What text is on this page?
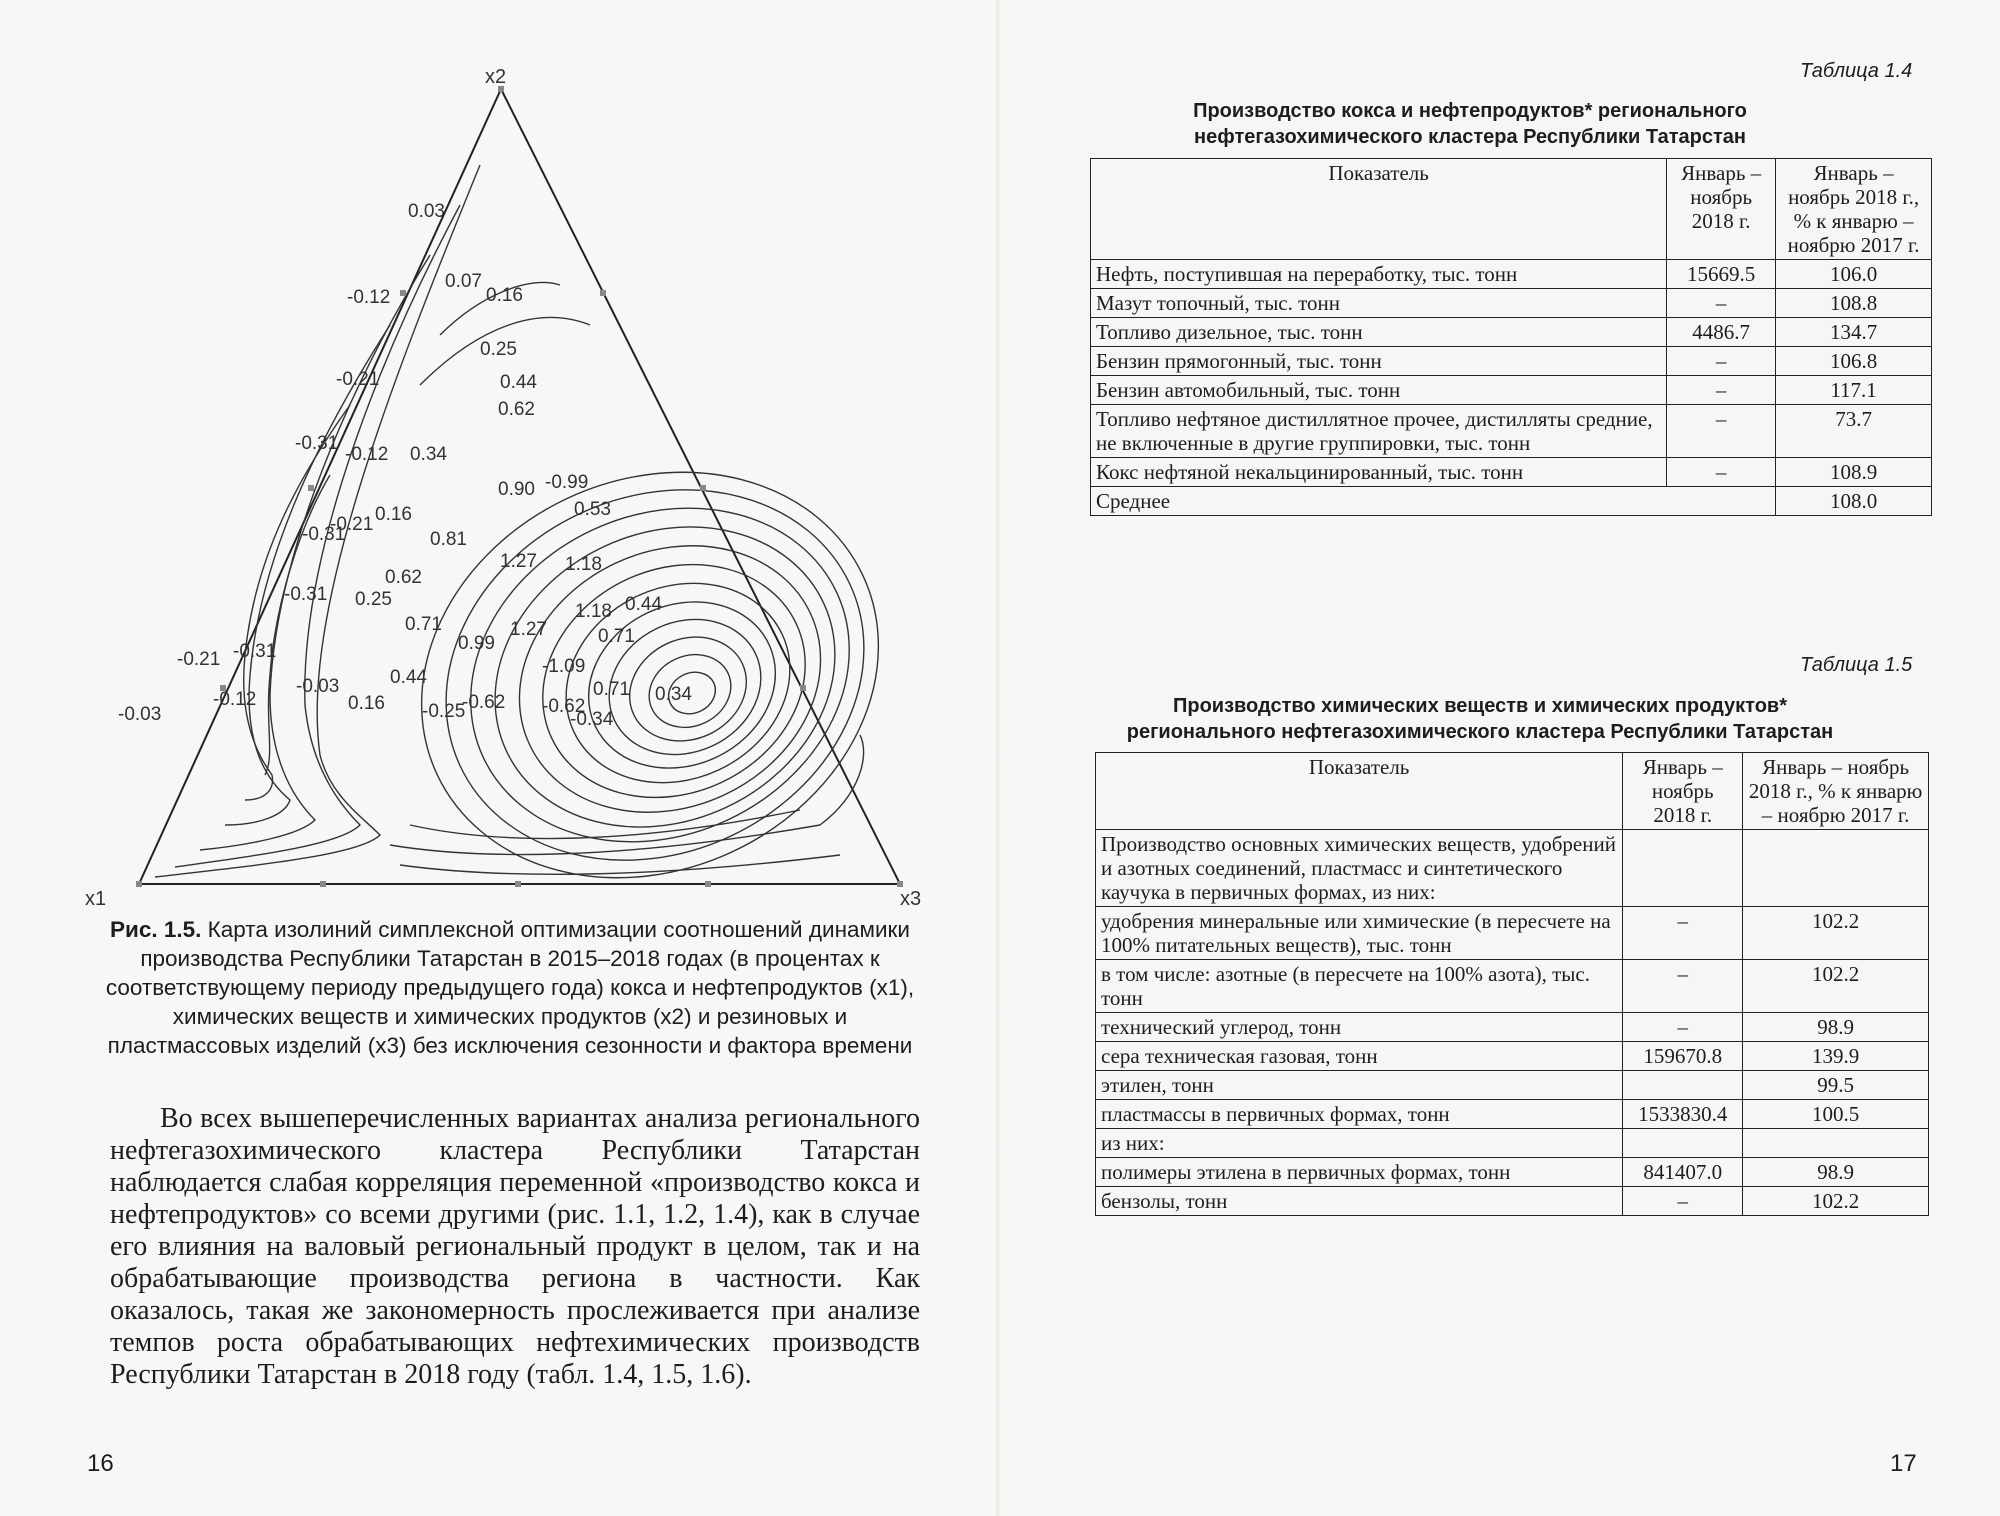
x2
x1	x3
0.03
0.07
0.16
-0.12
0.25
0.44
-0.21
0.62
0.34
-0.31
-0.12
0.90 -0.99
0.53
-0.31
-0.21 0.16
0.81
1.27 1.18
-0.31
0.62
0.25
1.18 0.44
0.71	1.27
0.99
-0.21 -0.31
0.44
-1.09
0.71
-0.03	0.71 0.34
-0.12	0.16	-0.62 -0.62
-0.03	-0.25	-0.34
Рис. 1.5. Карта изолиний симплексной оптимизации соотношений динамики производства Республики Татарстан в 2015–2018 годах (в процентах к соответствующему периоду предыдущего года) кокса и нефтепродуктов (x1), химических веществ и химических продуктов (x2) и резиновых и пластмассовых изделий (x3) без исключения сезонности и фактора времени

Во всех вышеперечисленных вариантах анализа регионального нефтегазохимического кластера Республики Татарстан наблюдается слабая корреляция переменной «производство кокса и нефтепродуктов» со всеми другими (рис. 1.1, 1.2, 1.4), как в случае его влияния на валовый региональный продукт в целом, так и на обрабатывающие производства региона в частности. Как оказалось, такая же закономерность прослеживается при анализе темпов роста обрабатывающих нефтехимических производств Республики Татарстан в 2018 году (табл. 1.4, 1.5, 1.6).

16
Таблица 1.4
Производство кокса и нефтепродуктов* регионального нефтегазохимического кластера Республики Татарстан
Показатель	Январь – ноябрь 2018 г.	Январь – ноябрь 2018 г., % к январю – ноябрю 2017 г.
Нефть, поступившая на переработку, тыс. тонн	15669.5	106.0
Мазут топочный, тыс. тонн	–	108.8
Топливо дизельное, тыс. тонн	4486.7	134.7
Бензин прямогонный, тыс. тонн	–	106.8
Бензин автомобильный, тыс. тонн	–	117.1
Топливо нефтяное дистиллятное прочее, дистилляты средние, не включенные в другие группировки, тыс. тонн	–	73.7
Кокс нефтяной некальцинированный, тыс. тонн	–	108.9
Среднее		108.0
Таблица 1.5
Производство химических веществ и химических продуктов* регионального нефтегазохимического кластера Республики Татарстан
Показатель	Январь – ноябрь 2018 г.	Январь – ноябрь 2018 г., % к январю – ноябрю 2017 г.
Производство основных химических веществ, удобрений и азотных соединений, пластмасс и синтетического каучука в первичных формах, из них:		
удобрения минеральные или химические (в пересчете на 100% питательных веществ), тыс. тонн	–	102.2
в том числе: азотные (в пересчете на 100% азота), тыс. тонн	–	102.2
технический углерод, тонн	–	98.9
сера техническая газовая, тонн	159670.8	139.9
этилен, тонн		99.5
пластмассы в первичных формах, тонн	1533830.4	100.5
из них:		
полимеры этилена в первичных формах, тонн	841407.0	98.9
бензолы, тонн	–	102.2
17
